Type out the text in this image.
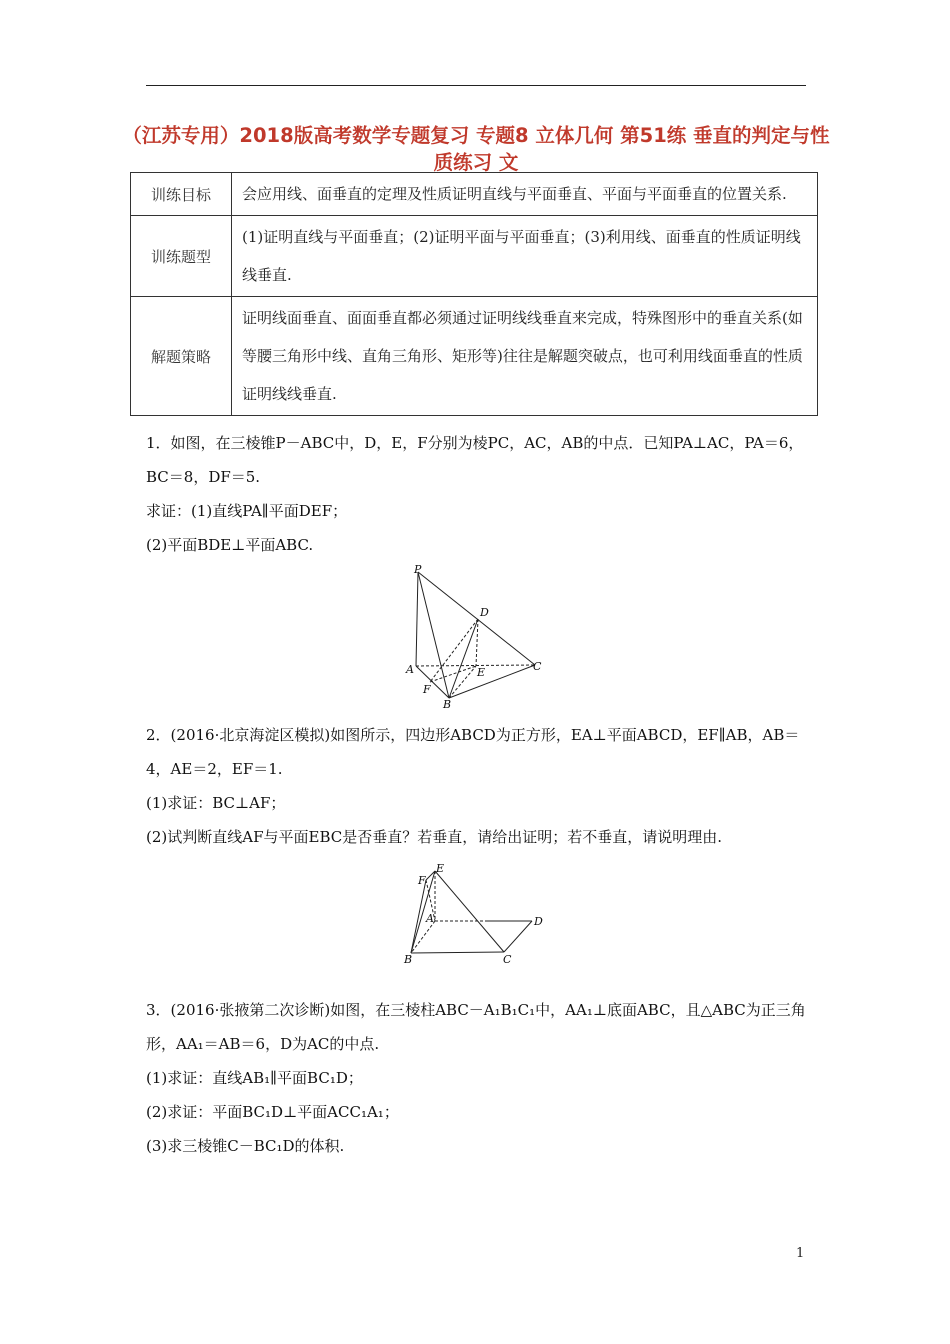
（江苏专用）2018版高考数学专题复习 专题8 立体几何 第51练 垂直的判定与性质练习 文
训练目标	会应用线、面垂直的定理及性质证明直线与平面垂直、平面与平面垂直的位置关系.
训练题型	(1)证明直线与平面垂直；(2)证明平面与平面垂直；(3)利用线、面垂直的性质证明线线垂直.
解题策略	证明线面垂直、面面垂直都必须通过证明线线垂直来完成，特殊图形中的垂直关系(如等腰三角形中线、直角三角形、矩形等)往往是解题突破点，也可利用线面垂直的性质证明线线垂直.
1．如图，在三棱锥P－ABC中，D，E，F分别为棱PC，AC，AB的中点．已知PA⊥AC，PA＝6，BC＝8，DF＝5.
求证：(1)直线PA∥平面DEF；
(2)平面BDE⊥平面ABC.
P
D
A	E	C
F
B
2．(2016·北京海淀区模拟)如图所示，四边形ABCD为正方形，EA⊥平面ABCD，EF∥AB，AB＝4，AE＝2，EF＝1.
(1)求证：BC⊥AF；
(2)试判断直线AF与平面EBC是否垂直？若垂直，请给出证明；若不垂直，请说明理由.
E
F
A	D
B	C
3．(2016·张掖第二次诊断)如图，在三棱柱ABC－A₁B₁C₁中，AA₁⊥底面ABC，且△ABC为正三角形，AA₁＝AB＝6，D为AC的中点.
(1)求证：直线AB₁∥平面BC₁D；
(2)求证：平面BC₁D⊥平面ACC₁A₁；
(3)求三棱锥C－BC₁D的体积.
1
